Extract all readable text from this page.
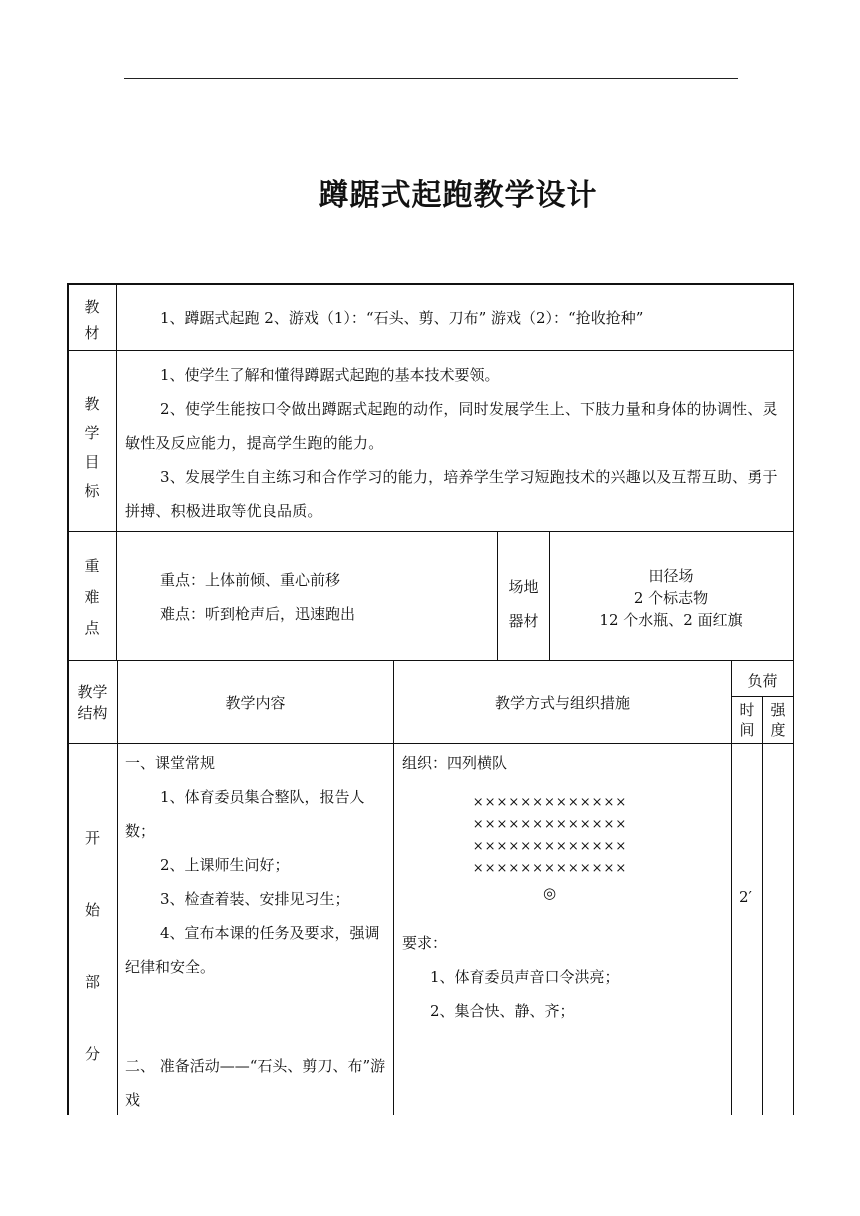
蹲踞式起跑教学设计
教
材
1、蹲踞式起跑 2、游戏（1）：“石头、剪、刀布” 游戏（2）：“抢收抢种”
教
学
目
标
1、使学生了解和懂得蹲踞式起跑的基本技术要领。
2、使学生能按口令做出蹲踞式起跑的动作，同时发展学生上、下肢力量和身体的协调性、灵敏性及反应能力，提高学生跑的能力。
3、发展学生自主练习和合作学习的能力，培养学生学习短跑技术的兴趣以及互帮互助、勇于拼搏、积极进取等优良品质。
重
难
点
重点：上体前倾、重心前移
难点：听到枪声后，迅速跑出
场地
器材
田径场
2 个标志物
12 个水瓶、2 面红旗
教学
结构
教学内容	教学方式与组织措施
负荷
时
间
强
度
开
始
部
分
一、课堂常规
1、体育委员集合整队，报告人数；
2、上课师生问好；
3、检查着装、安排见习生；
4、宣布本课的任务及要求，强调纪律和安全。
二、 准备活动——“石头、剪刀、布”游戏
组织：四列横队
×××××××××××××
×××××××××××××
×××××××××××××
×××××××××××××
◎
要求：
1、体育委员声音口令洪亮；
2、集合快、静、齐；
2′
